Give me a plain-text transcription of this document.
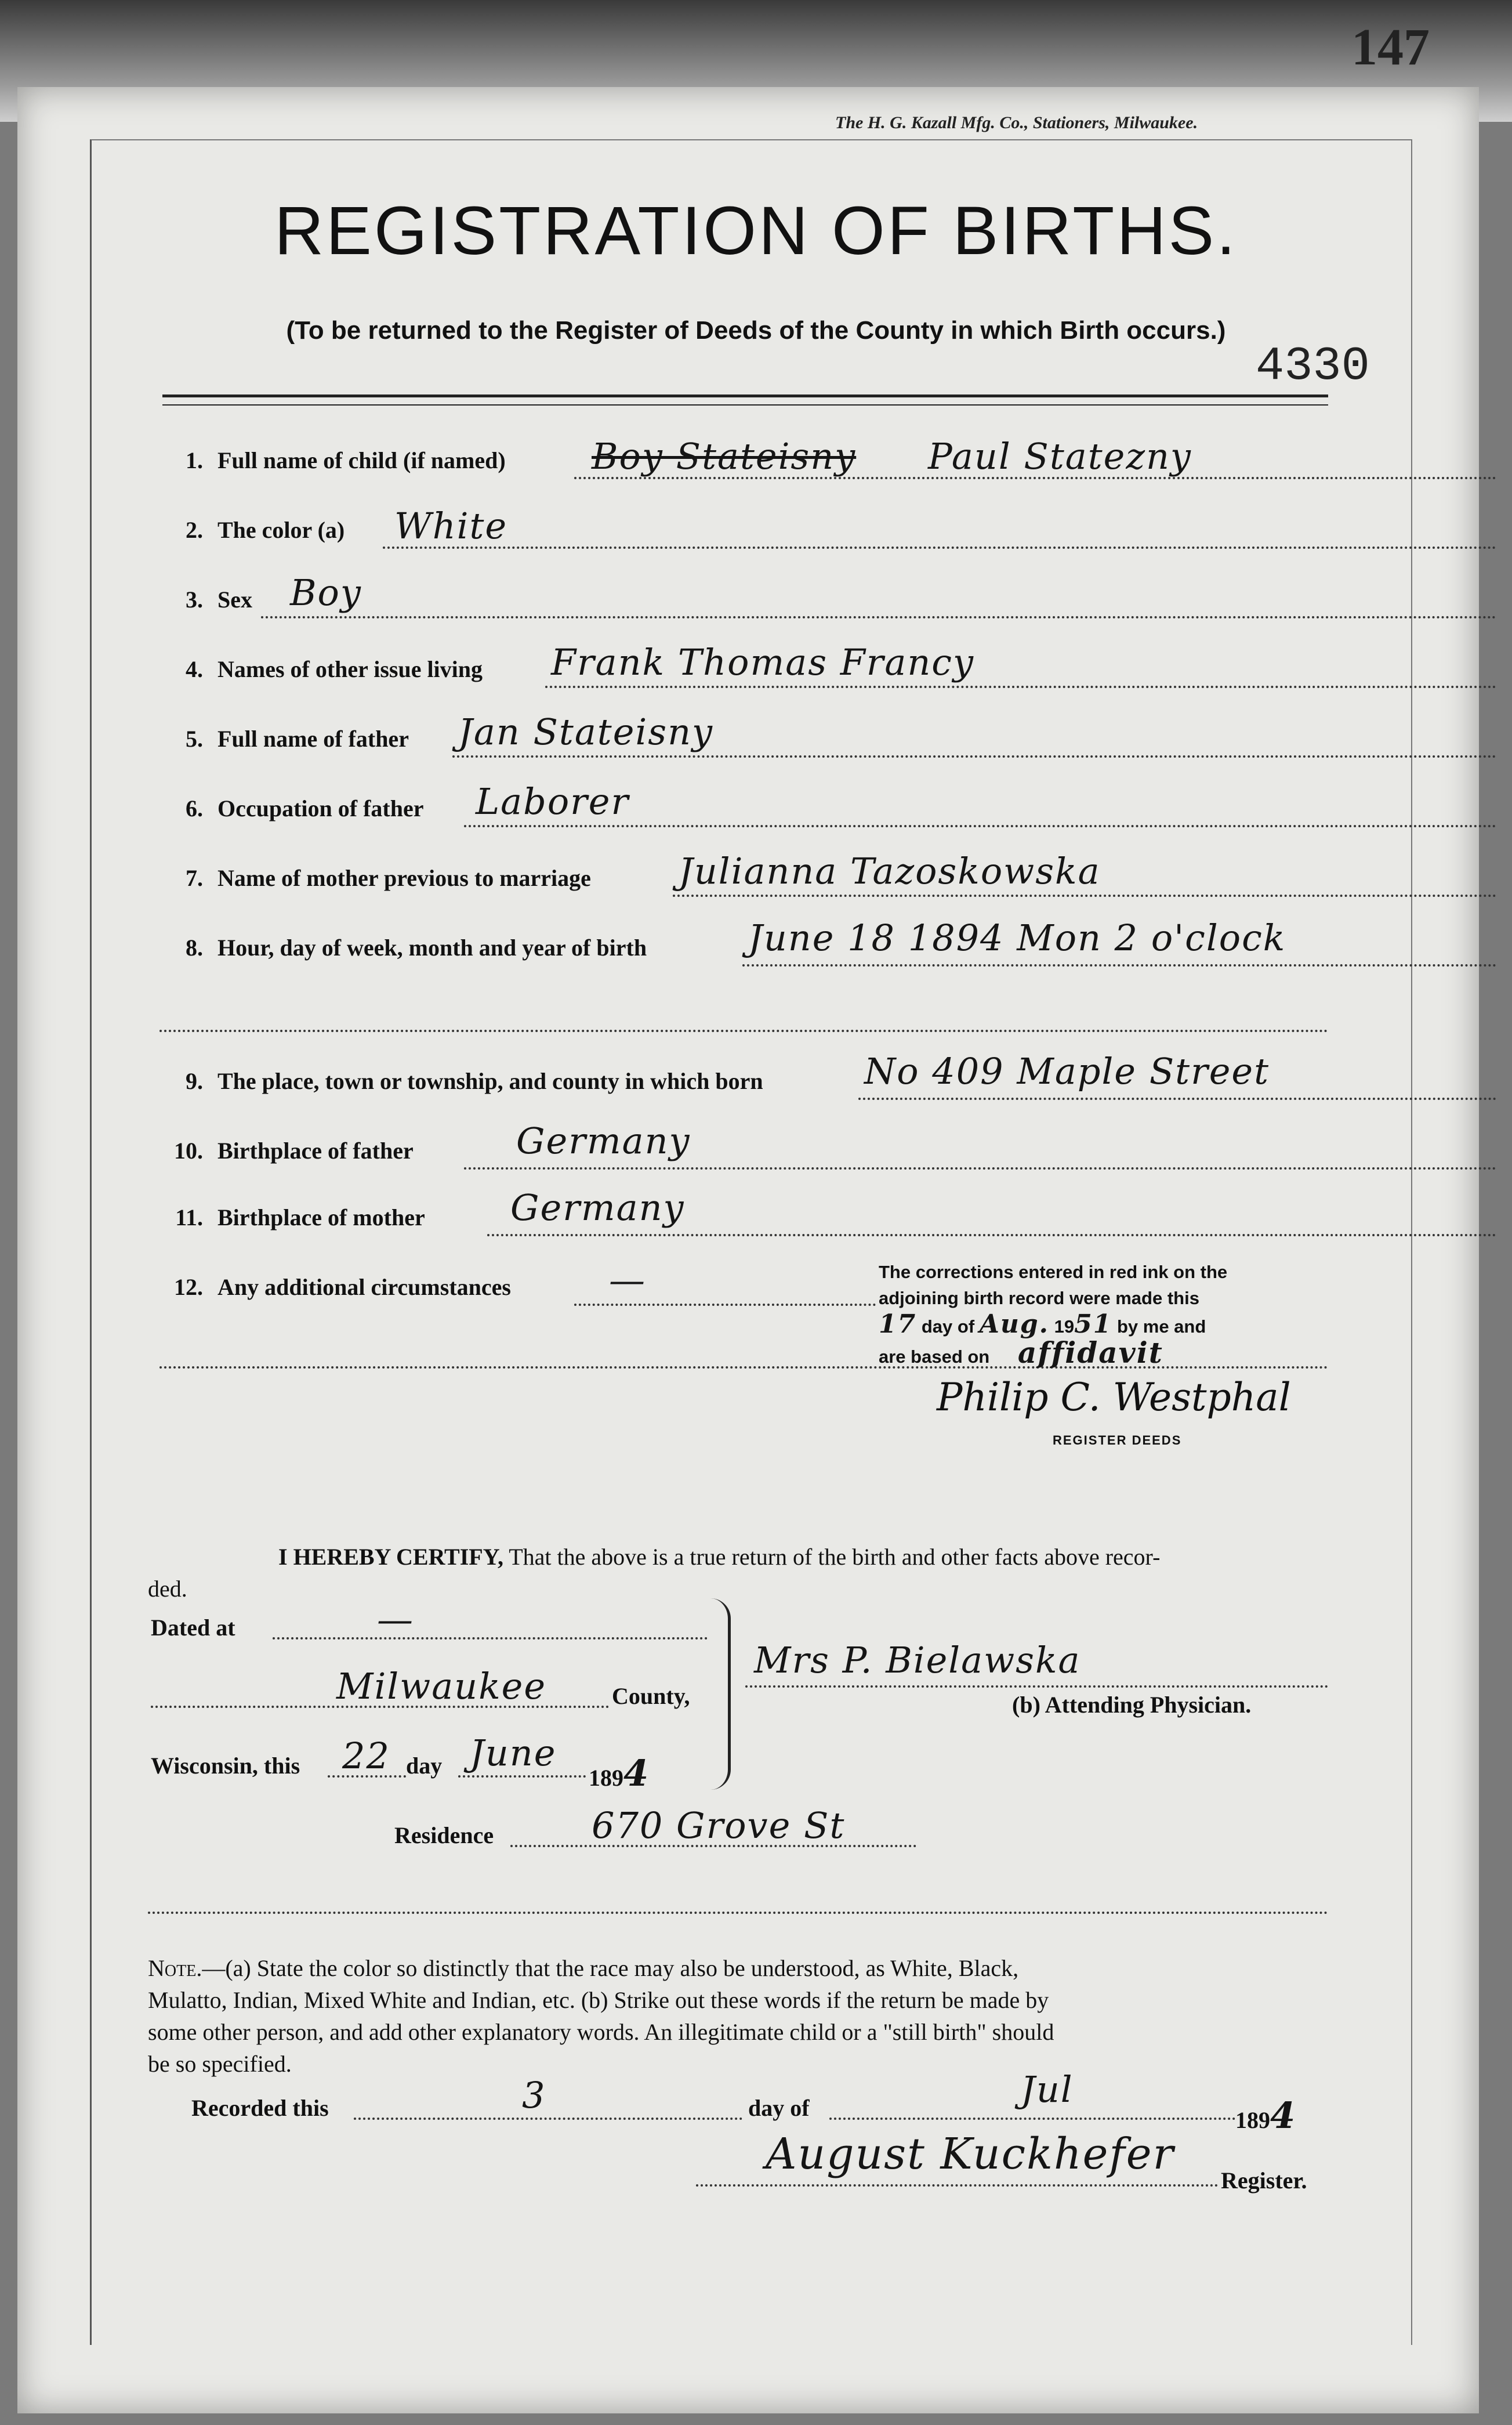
147
The H. G. Kazall Mfg. Co., Stationers, Milwaukee.
REGISTRATION OF BIRTHS.
(To be returned to the Register of Deeds of the County in which Birth occurs.)
4330
1. Full name of child (if named) Boy Stateisny Paul Statezny
2. The color (a) White
3. Sex Boy
4. Names of other issue living Frank Thomas Francy
5. Full name of father Jan Stateisny
6. Occupation of father Laborer
7. Name of mother previous to marriage Julianna Tazoskowska
8. Hour, day of week, month and year of birth	June 18 1894 Mon 2 o'clock
9. The place, town or township, and county in which born	No 409 Maple Street
10. Birthplace of father	Germany
11. Birthplace of mother Germany
12. Any additional circumstances	—	The corrections entered in red ink on the
adjoining birth record were made this
17 day of Aug. 1951 by me and
are based on affidavit
Philip C. Westphal
REGISTER DEEDS
I HEREBY CERTIFY, That the above is a true return of the birth and other facts above recor-
ded.
Dated at	—
Milwaukee	County,
Wisconsin, this 22 day June
1894
Mrs P. Bielawska
(b) Attending Physician.
Residence	670 Grove St
Note.—(a) State the color so distinctly that the race may also be understood, as White, Black,
Mulatto, Indian, Mixed White and Indian, etc. (b) Strike out these words if the return be made by
some other person, and add other explanatory words. An illegitimate child or a "still birth" should
be so specified.
Recorded this	3	day of	Jul
1894
August Kuckhefer
Register.
